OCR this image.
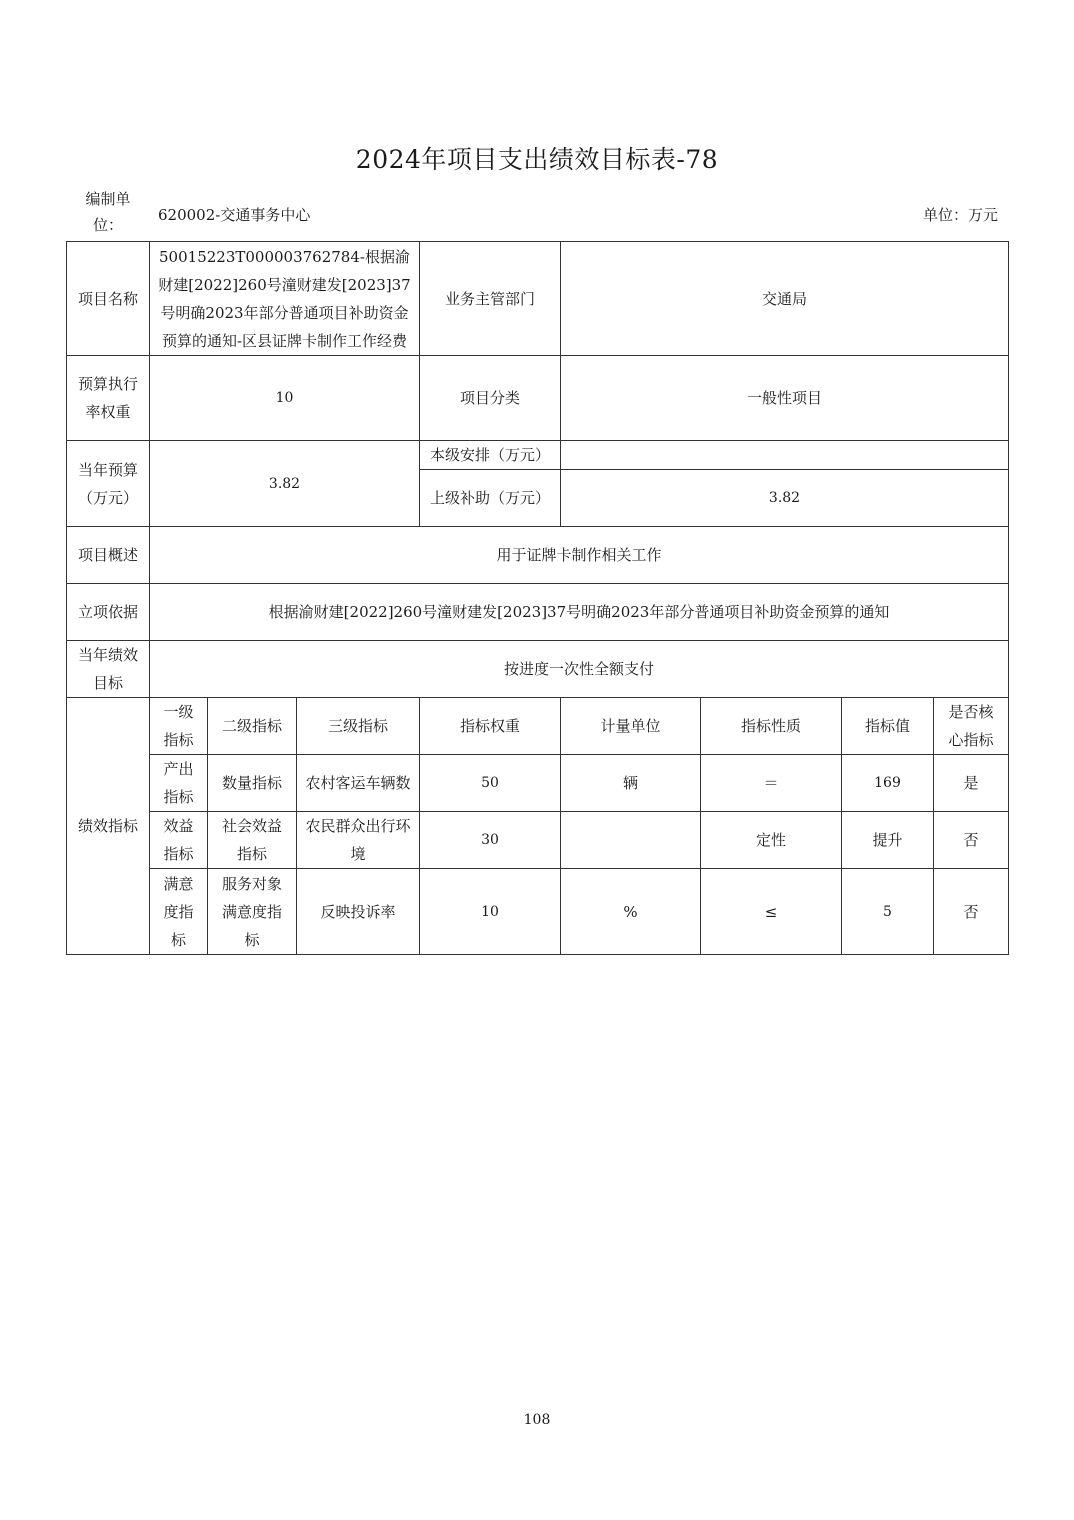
2024年项目支出绩效目标表-78
编制单位：
620002-交通事务中心	单位：万元
项目名称	50015223T000003762784-根据渝财建[2022]260号潼财建发[2023]37号明确2023年部分普通项目补助资金预算的通知-区县证牌卡制作工作经费			业务主管部门	交通局			
预算执行率权重	10			项目分类	一般性项目			
当年预算（万元）	3.82			本级安排（万元）				
				上级补助（万元）	3.82			
项目概述	用于证牌卡制作相关工作							
立项依据	根据渝财建[2022]260号潼财建发[2023]37号明确2023年部分普通项目补助资金预算的通知							
当年绩效目标	按进度一次性全额支付							
绩效指标	一级指标	二级指标	三级指标	指标权重	计量单位	指标性质	指标值	是否核心指标
	产出指标	数量指标	农村客运车辆数	50	辆	＝	169	是
	效益指标	社会效益指标	农民群众出行环境	30		定性	提升	否
	满意度指标	服务对象满意度指标	反映投诉率	10	%	≤	5	否
108
